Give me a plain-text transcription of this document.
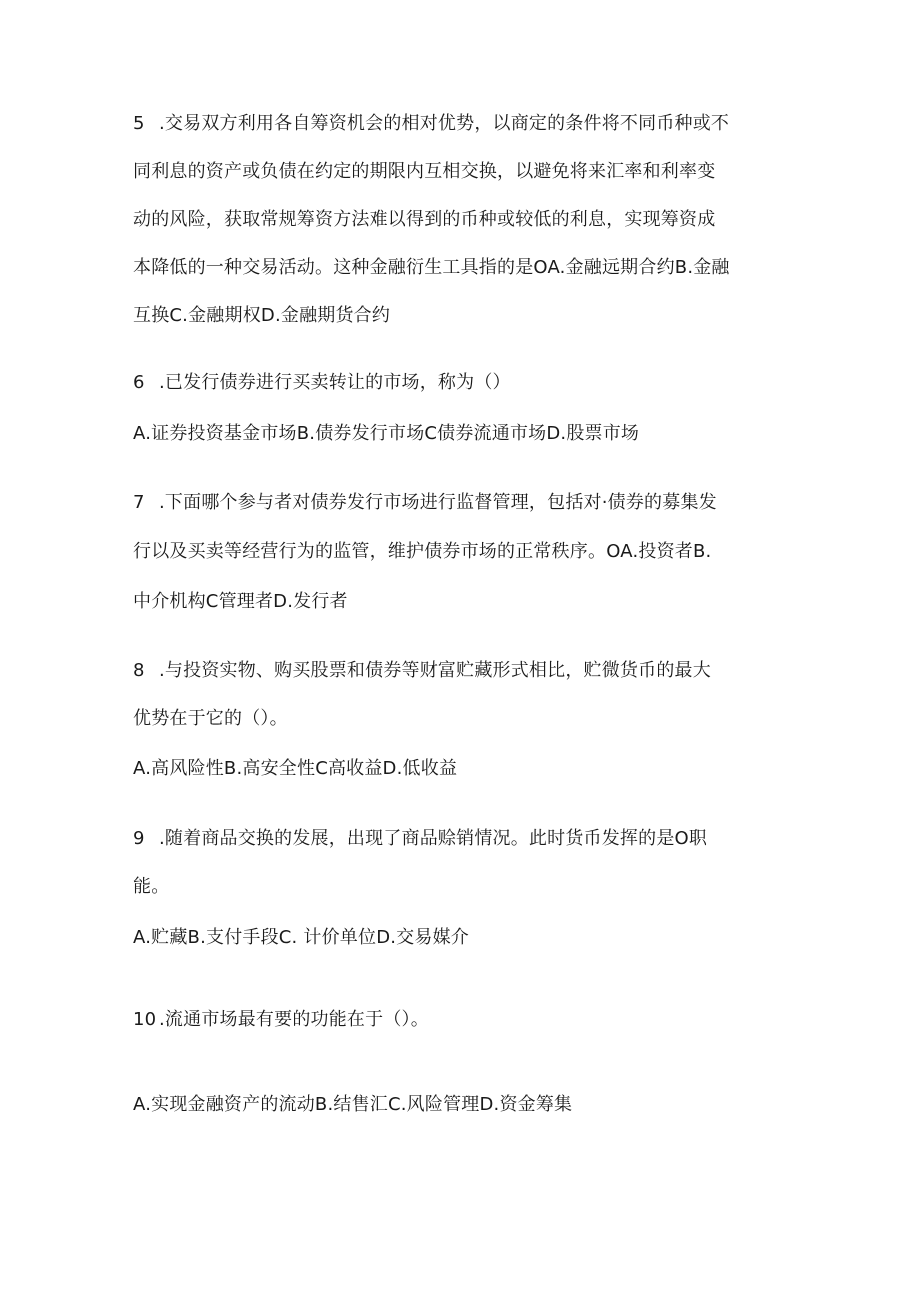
5 .交易双方利用各自筹资机会的相对优势，以商定的条件将不同币种或不
同利息的资产或负债在约定的期限内互相交换，以避免将来汇率和利率变
动的风险，获取常规筹资方法难以得到的币种或较低的利息，实现筹资成
本降低的一种交易活动。这种金融衍生工具指的是OA.金融远期合约B.金融
互换C.金融期权D.金融期货合约
6 .已发行债券进行买卖转让的市场，称为（）
A.证券投资基金市场B.债券发行市场C债券流通市场D.股票市场
7 .下面哪个参与者对债券发行市场进行监督管理，包括对·债券的募集发
行以及买卖等经营行为的监管，维护债券市场的正常秩序。OA.投资者B.
中介机构C管理者D.发行者
8 .与投资实物、购买股票和债券等财富贮藏形式相比，贮微货币的最大
优势在于它的（）。
A.高风险性B.高安全性C高收益D.低收益
9 .随着商品交换的发展，出现了商品赊销情况。此时货币发挥的是O职
能。
A.贮藏B.支付手段C. 计价单位D.交易媒介
10 .流通市场最有要的功能在于（）。
A.实现金融资产的流动B.结售汇C.风险管理D.资金筹集
